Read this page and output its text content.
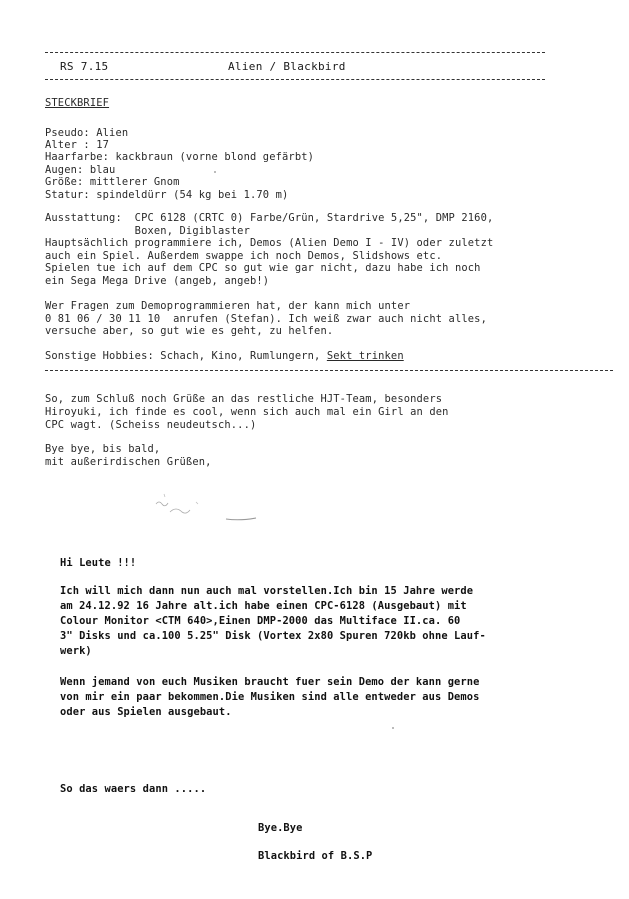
RS 7.15	Alien / Blackbird
STECKBRIEF
Pseudo: Alien
Alter : 17
Haarfarbe: kackbraun (vorne blond gefärbt)
Augen: blau
Größe: mittlerer Gnom
Statur: spindeldürr (54 kg bei 1.70 m)
Ausstattung:  CPC 6128 (CRTC 0) Farbe/Grün, Stardrive 5,25", DMP 2160,
Boxen, Digiblaster
Hauptsächlich programmiere ich, Demos (Alien Demo I - IV) oder zuletzt
auch ein Spiel. Außerdem swappe ich noch Demos, Slidshows etc.
Spielen tue ich auf dem CPC so gut wie gar nicht, dazu habe ich noch
ein Sega Mega Drive (angeb, angeb!)
Wer Fragen zum Demoprogrammieren hat, der kann mich unter
0 81 06 / 30 11 10  anrufen (Stefan). Ich weiß zwar auch nicht alles,
versuche aber, so gut wie es geht, zu helfen.
Sonstige Hobbies: Schach, Kino, Rumlungern, Sekt trinken
So, zum Schluß noch Grüße an das restliche HJT-Team, besonders
Hiroyuki, ich finde es cool, wenn sich auch mal ein Girl an den
CPC wagt. (Scheiss neudeutsch...)
Bye bye, bis bald,
mit außerirdischen Grüßen,
Hi Leute !!!
Ich will mich dann nun auch mal vorstellen.Ich bin 15 Jahre werde
am 24.12.92 16 Jahre alt.ich habe einen CPC-6128 (Ausgebaut) mit
Colour Monitor <CTM 640>,Einen DMP-2000 das Multiface II.ca. 60
3" Disks und ca.100 5.25" Disk (Vortex 2x80 Spuren 720kb ohne Lauf-
werk)
Wenn jemand von euch Musiken braucht fuer sein Demo der kann gerne
von mir ein paar bekommen.Die Musiken sind alle entweder aus Demos
oder aus Spielen ausgebaut.
So das waers dann .....
Bye.Bye
Blackbird of B.S.P
